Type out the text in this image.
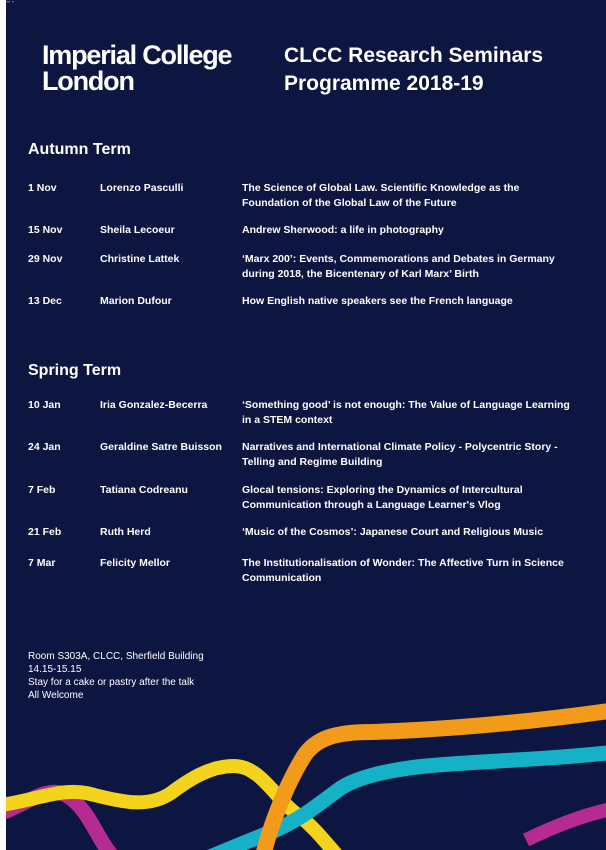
•• •
Imperial College
London
CLCC Research Seminars
Programme 2018-19
Autumn Term
1 Nov	Lorenzo Pasculli	The Science of Global Law. Scientific Knowledge as the Foundation of the Global Law of the Future
15 Nov	Sheila Lecoeur	Andrew Sherwood: a life in photography
29 Nov	Christine Lattek	‘Marx 200’: Events, Commemorations and Debates in Germany during 2018, the Bicentenary of Karl Marx’ Birth
13 Dec	Marion Dufour	How English native speakers see the French language
Spring Term
10 Jan	Iria Gonzalez-Becerra	‘Something good’ is not enough: The Value of Language Learning in a STEM context
24 Jan	Geraldine Satre Buisson	Narratives and International Climate Policy - Polycentric Story - Telling and Regime Building
7 Feb	Tatiana Codreanu	Glocal tensions: Exploring the Dynamics of Intercultural Communication through a Language Learner's Vlog
21 Feb	Ruth Herd	‘Music of the Cosmos’: Japanese Court and Religious Music
7 Mar	Felicity Mellor	The Institutionalisation of Wonder: The Affective Turn in Science Communication
Room S303A, CLCC, Sherfield Building
14.15-15.15
Stay for a cake or pastry after the talk
All Welcome
